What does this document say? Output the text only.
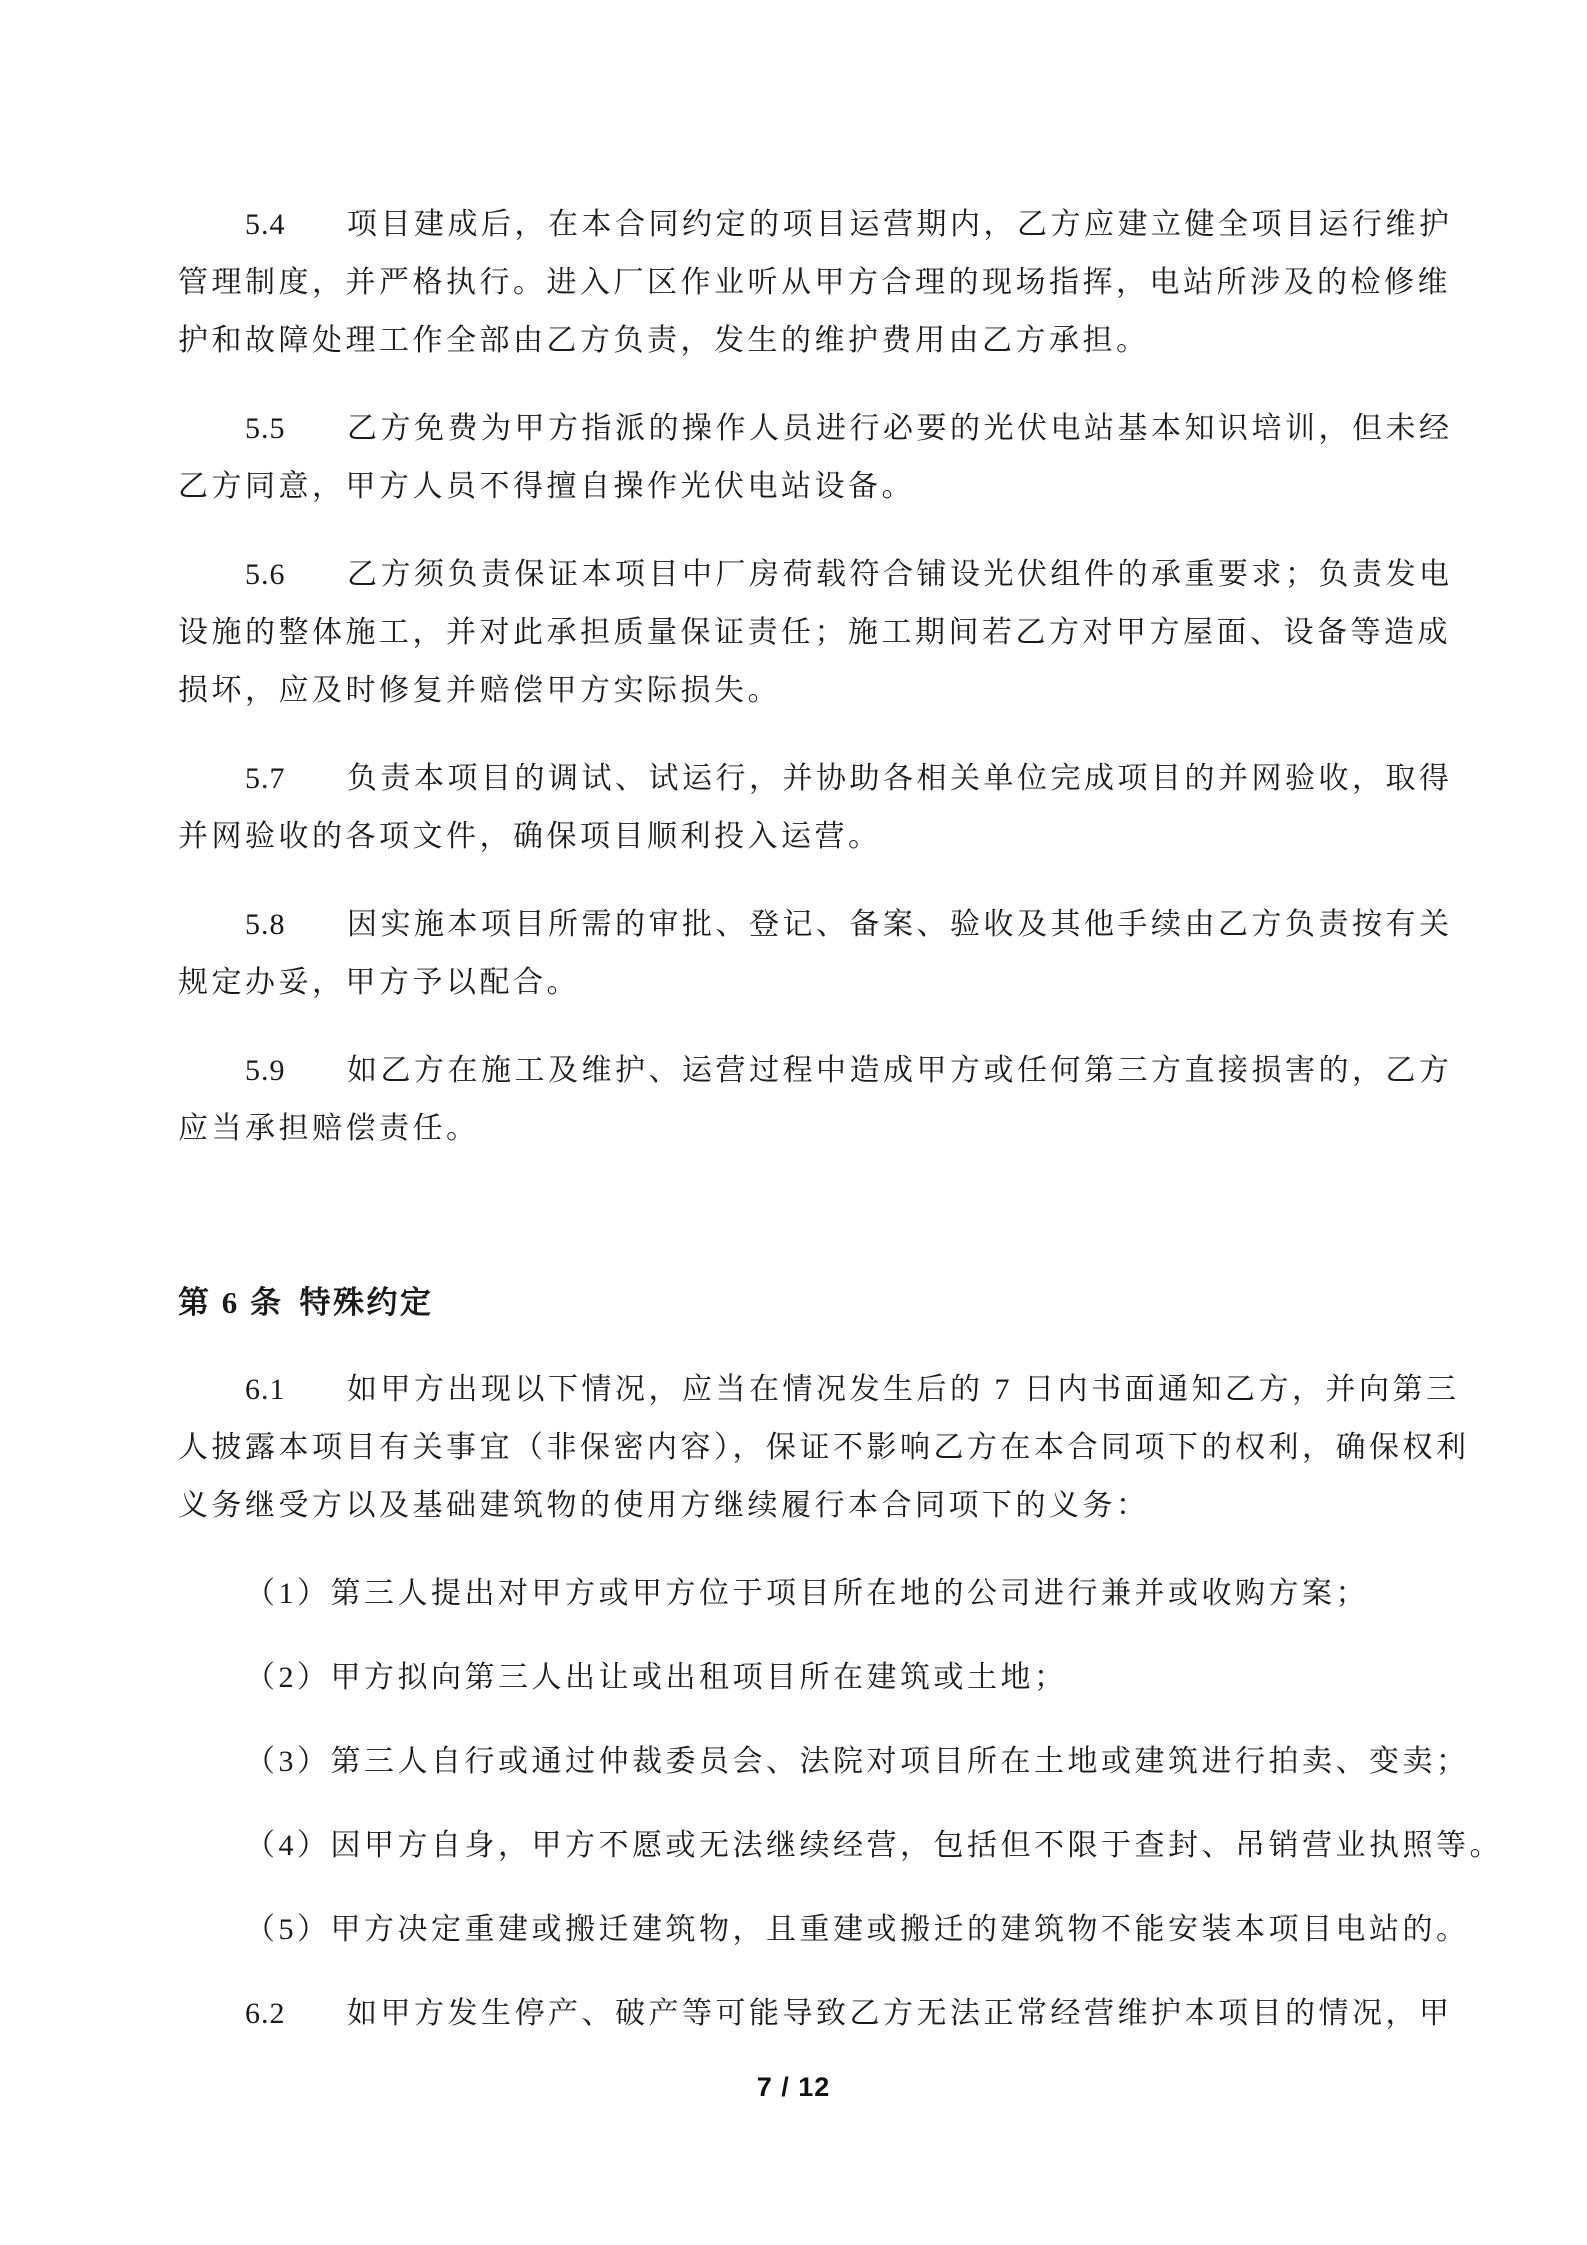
5.4 项目建成后，在本合同约定的项目运营期内，乙方应建立健全项目运行维护
管理制度，并严格执行。进入厂区作业听从甲方合理的现场指挥，电站所涉及的检修维
护和故障处理工作全部由乙方负责，发生的维护费用由乙方承担。
5.5 乙方免费为甲方指派的操作人员进行必要的光伏电站基本知识培训，但未经
乙方同意，甲方人员不得擅自操作光伏电站设备。
5.6 乙方须负责保证本项目中厂房荷载符合铺设光伏组件的承重要求；负责发电
设施的整体施工，并对此承担质量保证责任；施工期间若乙方对甲方屋面、设备等造成
损坏，应及时修复并赔偿甲方实际损失。
5.7 负责本项目的调试、试运行，并协助各相关单位完成项目的并网验收，取得
并网验收的各项文件，确保项目顺利投入运营。
5.8 因实施本项目所需的审批、登记、备案、验收及其他手续由乙方负责按有关
规定办妥，甲方予以配合。
5.9 如乙方在施工及维护、运营过程中造成甲方或任何第三方直接损害的，乙方
应当承担赔偿责任。
第 6 条 特殊约定
6.1 如甲方出现以下情况，应当在情况发生后的 7 日内书面通知乙方，并向第三
人披露本项目有关事宜（非保密内容），保证不影响乙方在本合同项下的权利，确保权利
义务继受方以及基础建筑物的使用方继续履行本合同项下的义务：
（1）第三人提出对甲方或甲方位于项目所在地的公司进行兼并或收购方案；
（2）甲方拟向第三人出让或出租项目所在建筑或土地；
（3）第三人自行或通过仲裁委员会、法院对项目所在土地或建筑进行拍卖、变卖；
（4）因甲方自身，甲方不愿或无法继续经营，包括但不限于查封、吊销营业执照等。
（5）甲方决定重建或搬迁建筑物，且重建或搬迁的建筑物不能安装本项目电站的。
6.2 如甲方发生停产、破产等可能导致乙方无法正常经营维护本项目的情况，甲
7 / 12
